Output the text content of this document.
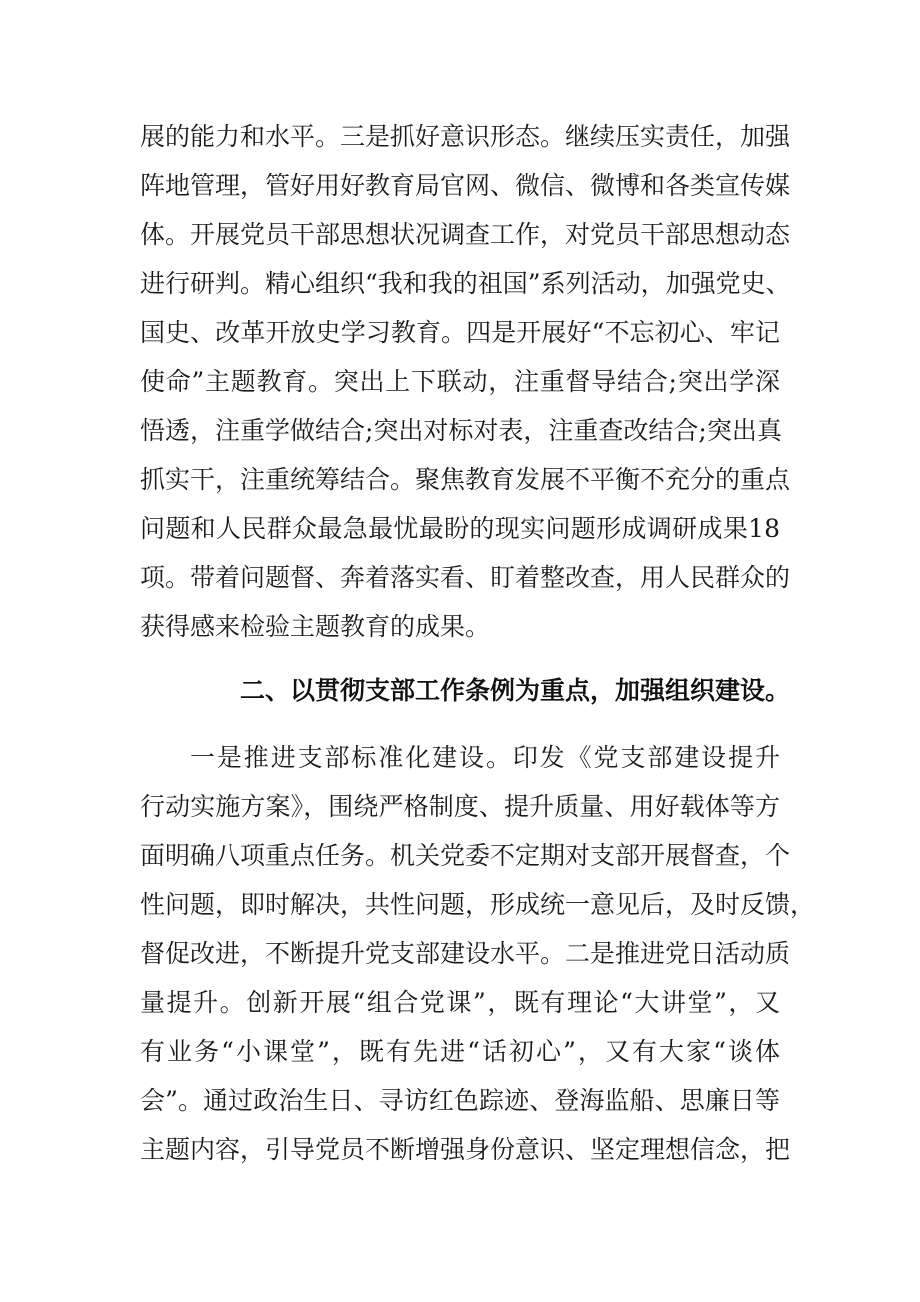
展的能力和水平。三是抓好意识形态。继续压实责任，加强
阵地管理，管好用好教育局官网、微信、微博和各类宣传媒
体。开展党员干部思想状况调查工作，对党员干部思想动态
进行研判。精心组织“我和我的祖国”系列活动，加强党史、
国史、改革开放史学习教育。四是开展好“不忘初心、牢记
使命”主题教育。突出上下联动，注重督导结合;突出学深
悟透，注重学做结合;突出对标对表，注重查改结合;突出真
抓实干，注重统筹结合。聚焦教育发展不平衡不充分的重点
问题和人民群众最急最忧最盼的现实问题形成调研成果18
项。带着问题督、奔着落实看、盯着整改查，用人民群众的
获得感来检验主题教育的成果。
二、以贯彻支部工作条例为重点，加强组织建设。
一是推进支部标准化建设。印发《党支部建设提升
行动实施方案》，围绕严格制度、提升质量、用好载体等方
面明确八项重点任务。机关党委不定期对支部开展督查，个
性问题，即时解决，共性问题，形成统一意见后，及时反馈，
督促改进，不断提升党支部建设水平。二是推进党日活动质
量提升。创新开展“组合党课”，既有理论“大讲堂”，又
有业务“小课堂”，既有先进“话初心”，又有大家“谈体
会”。通过政治生日、寻访红色踪迹、登海监船、思廉日等
主题内容，引导党员不断增强身份意识、坚定理想信念，把
